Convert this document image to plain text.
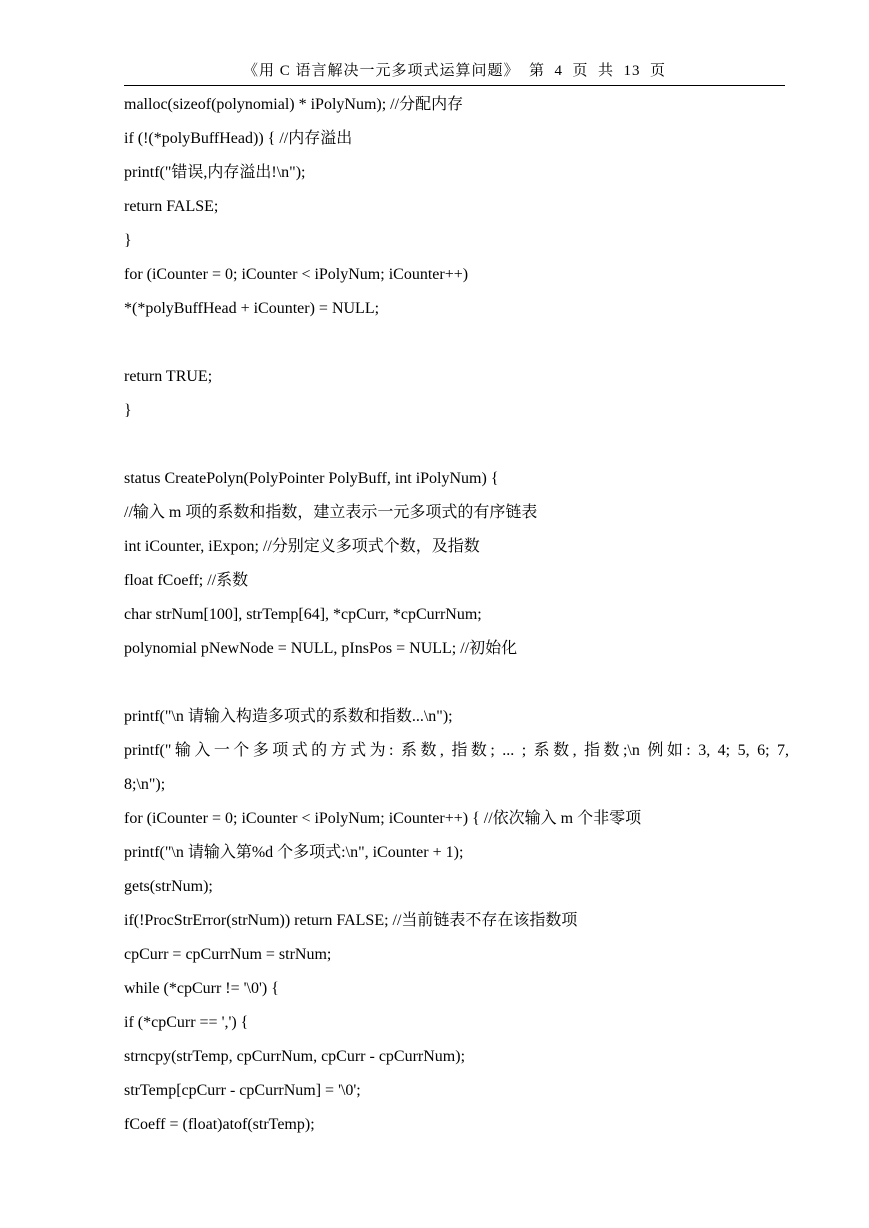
《用 C 语言解决一元多项式运算问题》  第  4  页  共  13  页
malloc(sizeof(polynomial) * iPolyNum); //分配内存
if (!(*polyBuffHead)) { //内存溢出
printf("错误,内存溢出!\n");
return FALSE;
}
for (iCounter = 0; iCounter < iPolyNum; iCounter++)
*(*polyBuffHead + iCounter) = NULL;
return TRUE;
}
status CreatePolyn(PolyPointer PolyBuff, int iPolyNum) {
//输入 m 项的系数和指数，建立表示一元多项式的有序链表
int iCounter, iExpon; //分别定义多项式个数，及指数
float fCoeff; //系数
char strNum[100], strTemp[64], *cpCurr, *cpCurrNum;
polynomial pNewNode = NULL, pInsPos = NULL; //初始化
printf("\n 请输入构造多项式的系数和指数...\n");
printf("输入一个多项式的方式为: 系数, 指数; ... ; 系数, 指数;\n 例如: 3, 4; 5, 6; 7,
8;\n");
for (iCounter = 0; iCounter < iPolyNum; iCounter++) { //依次输入 m 个非零项
printf("\n 请输入第%d 个多项式:\n", iCounter + 1);
gets(strNum);
if(!ProcStrError(strNum)) return FALSE; //当前链表不存在该指数项
cpCurr = cpCurrNum = strNum;
while (*cpCurr != '\0') {
if (*cpCurr == ',') {
strncpy(strTemp, cpCurrNum, cpCurr - cpCurrNum);
strTemp[cpCurr - cpCurrNum] = '\0';
fCoeff = (float)atof(strTemp);
